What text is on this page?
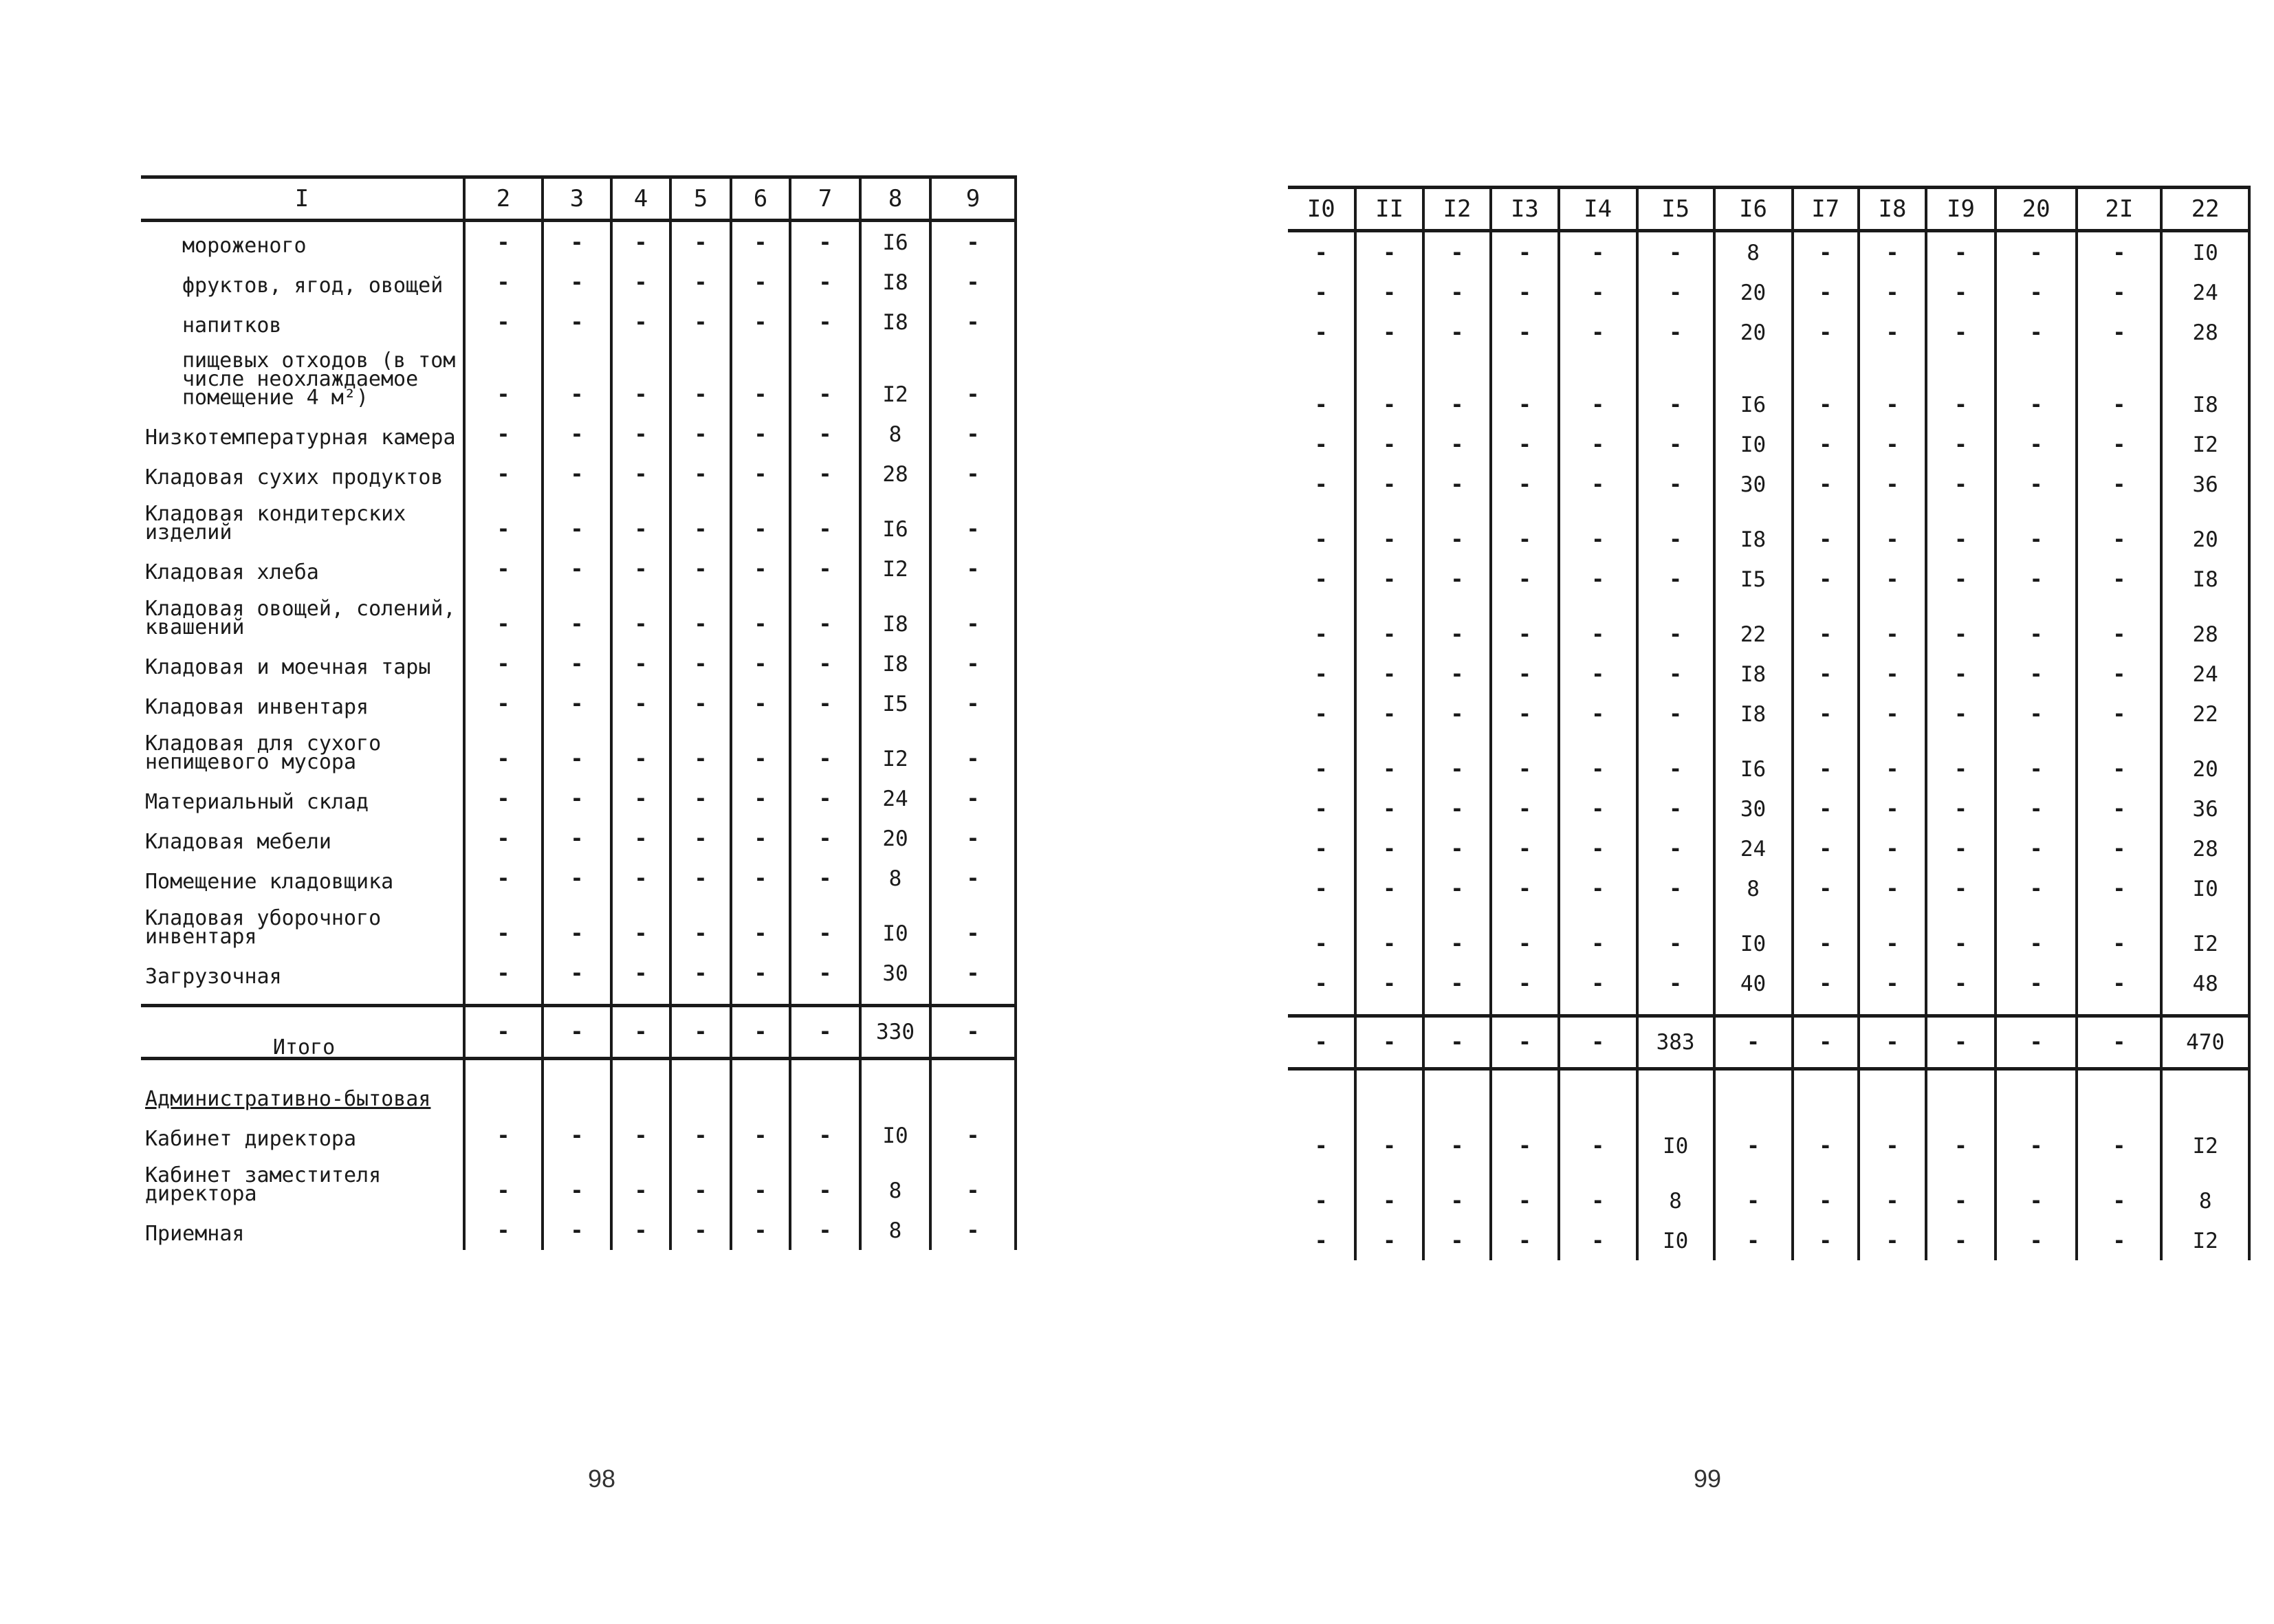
I	2	3	4	5	6	7	8	9
мороженого	-	-	-	-	-	-	I6	-
фруктов, ягод, овощей	-	-	-	-	-	-	I8	-
напитков	-	-	-	-	-	-	I8	-
пищевых отходов (в том числе неохлаждаемое помещение 4 м²)	-	-	-	-	-	-	I2	-
Низкотемпературная камера	-	-	-	-	-	-	8	-
Кладовая сухих продуктов	-	-	-	-	-	-	28	-
Кладовая кондитерских изделий	-	-	-	-	-	-	I6	-
Кладовая хлеба	-	-	-	-	-	-	I2	-
Кладовая овощей, солений, квашений	-	-	-	-	-	-	I8	-
Кладовая и моечная тары	-	-	-	-	-	-	I8	-
Кладовая инвентаря	-	-	-	-	-	-	I5	-
Кладовая для сухого непищевого мусора	-	-	-	-	-	-	I2	-
Материальный склад	-	-	-	-	-	-	24	-
Кладовая мебели	-	-	-	-	-	-	20	-
Помещение кладовщика	-	-	-	-	-	-	8	-
Кладовая уборочного инвентаря	-	-	-	-	-	-	I0	-
Загрузочная	-	-	-	-	-	-	30	-

Итого	-	-	-	-	-	-	330	-
Административно-бытовая								
Кабинет директора	-	-	-	-	-	-	I0	-
Кабинет заместителя директора	-	-	-	-	-	-	8	-
Приемная	-	-	-	-	-	-	8	-
98
I0	II	I2	I3	I4	I5	I6	I7	I8	I9	20	2I	22
-	-	-	-	-	-	8	-	-	-	-	-	I0
-	-	-	-	-	-	20	-	-	-	-	-	24
-	-	-	-	-	-	20	-	-	-	-	-	28
-	-	-	-	-	-	I6	-	-	-	-	-	I8
-	-	-	-	-	-	I0	-	-	-	-	-	I2
-	-	-	-	-	-	30	-	-	-	-	-	36
-	-	-	-	-	-	I8	-	-	-	-	-	20
-	-	-	-	-	-	I5	-	-	-	-	-	I8
-	-	-	-	-	-	22	-	-	-	-	-	28
-	-	-	-	-	-	I8	-	-	-	-	-	24
-	-	-	-	-	-	I8	-	-	-	-	-	22
-	-	-	-	-	-	I6	-	-	-	-	-	20
-	-	-	-	-	-	30	-	-	-	-	-	36
-	-	-	-	-	-	24	-	-	-	-	-	28
-	-	-	-	-	-	8	-	-	-	-	-	I0
-	-	-	-	-	-	I0	-	-	-	-	-	I2
-	-	-	-	-	-	40	-	-	-	-	-	48

-	-	-	-	-	383	-	-	-	-	-	-	470

-	-	-	-	-	I0	-	-	-	-	-	-	I2
-	-	-	-	-	8	-	-	-	-	-	-	8
-	-	-	-	-	I0	-	-	-	-	-	-	I2
99
